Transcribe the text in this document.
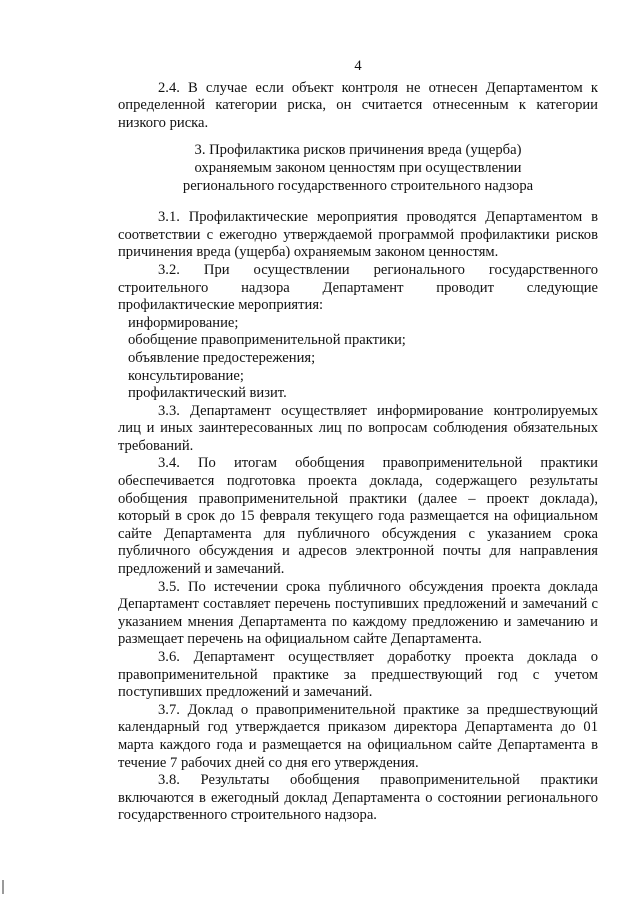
4

2.4. В случае если объект контроля не отнесен Департаментом к определенной категории риска, он считается отнесенным к категории низкого риска.

3. Профилактика рисков причинения вреда (ущерба)
охраняемым законом ценностям при осуществлении
регионального государственного строительного надзора

3.1. Профилактические мероприятия проводятся Департаментом в соответствии с ежегодно утверждаемой программой профилактики рисков причинения вреда (ущерба) охраняемым законом ценностям.

3.2. При осуществлении регионального государственного строительного надзора Департамент проводит следующие профилактические мероприятия:

информирование;

обобщение правоприменительной практики;

объявление предостережения;

консультирование;

профилактический визит.

3.3. Департамент осуществляет информирование контролируемых лиц и иных заинтересованных лиц по вопросам соблюдения обязательных требований.

3.4. По итогам обобщения правоприменительной практики обеспечивается подготовка проекта доклада, содержащего результаты обобщения правоприменительной практики (далее – проект доклада), который в срок до 15 февраля текущего года размещается на официальном сайте Департамента для публичного обсуждения с указанием срока публичного обсуждения и адресов электронной почты для направления предложений и замечаний.

3.5. По истечении срока публичного обсуждения проекта доклада Департамент составляет перечень поступивших предложений и замечаний с указанием мнения Департамента по каждому предложению и замечанию и размещает перечень на официальном сайте Департамента.

3.6. Департамент осуществляет доработку проекта доклада о правоприменительной практике за предшествующий год с учетом поступивших предложений и замечаний.

3.7. Доклад о правоприменительной практике за предшествующий календарный год утверждается приказом директора Департамента до 01 марта каждого года и размещается на официальном сайте Департамента в течение 7 рабочих дней со дня его утверждения.

3.8. Результаты обобщения правоприменительной практики включаются в ежегодный доклад Департамента о состоянии регионального государственного строительного надзора.
